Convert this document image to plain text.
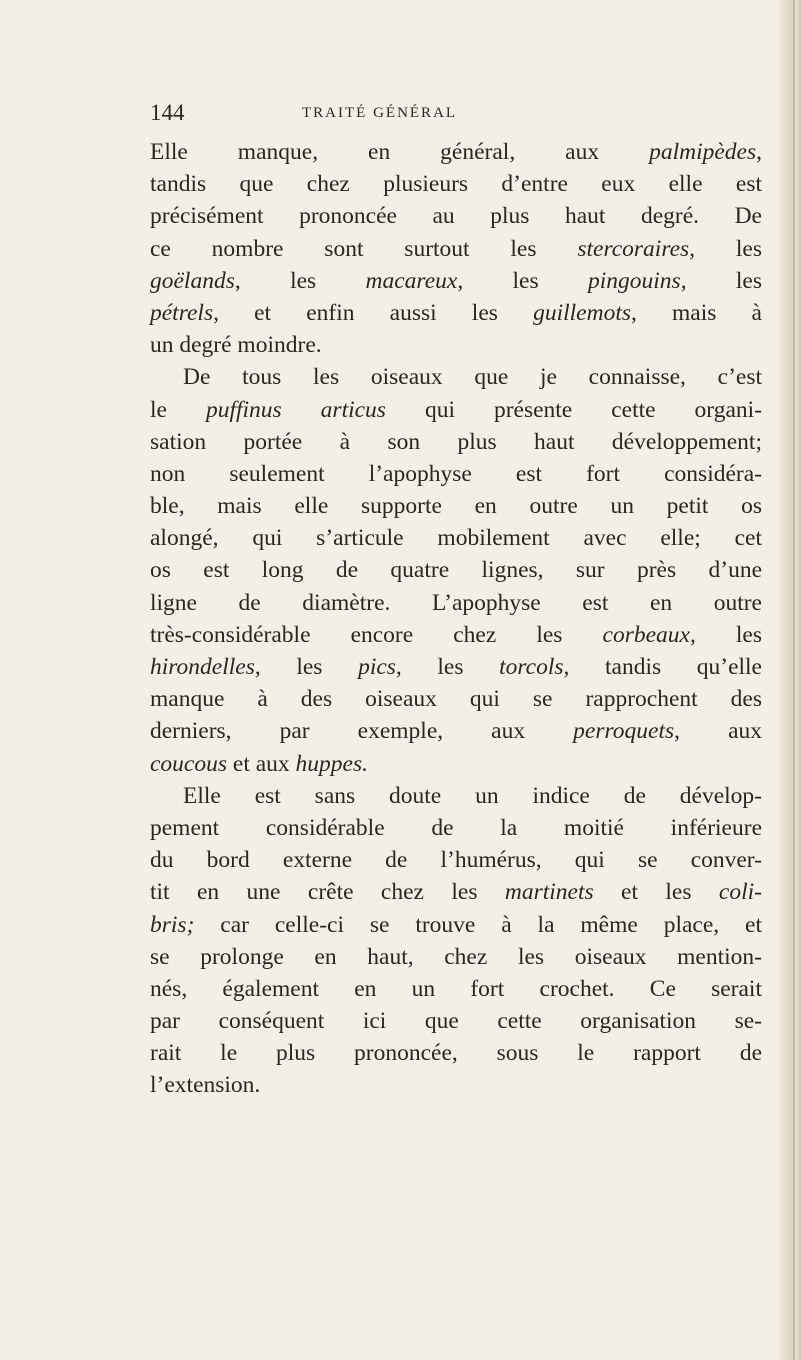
144	TRAITÉ GÉNÉRAL
Elle manque, en général, aux palmipèdes,
tandis que chez plusieurs d’entre eux elle est
précisément prononcée au plus haut degré. De
ce nombre sont surtout les stercoraires, les
goëlands, les macareux, les pingouins, les
pétrels, et enfin aussi les guillemots, mais à
un degré moindre.
De tous les oiseaux que je connaisse, c’est
le puffinus articus qui présente cette organi-
sation portée à son plus haut développement;
non seulement l’apophyse est fort considéra-
ble, mais elle supporte en outre un petit os
alongé, qui s’articule mobilement avec elle; cet
os est long de quatre lignes, sur près d’une
ligne de diamètre. L’apophyse est en outre
très-considérable encore chez les corbeaux, les
hirondelles, les pics, les torcols, tandis qu’elle
manque à des oiseaux qui se rapprochent des
derniers, par exemple, aux perroquets, aux
coucous et aux huppes.
Elle est sans doute un indice de dévelop-
pement considérable de la moitié inférieure
du bord externe de l’humérus, qui se conver-
tit en une crête chez les martinets et les coli-
bris; car celle-ci se trouve à la même place, et
se prolonge en haut, chez les oiseaux mention-
nés, également en un fort crochet. Ce serait
par conséquent ici que cette organisation se-
rait le plus prononcée, sous le rapport de
l’extension.
